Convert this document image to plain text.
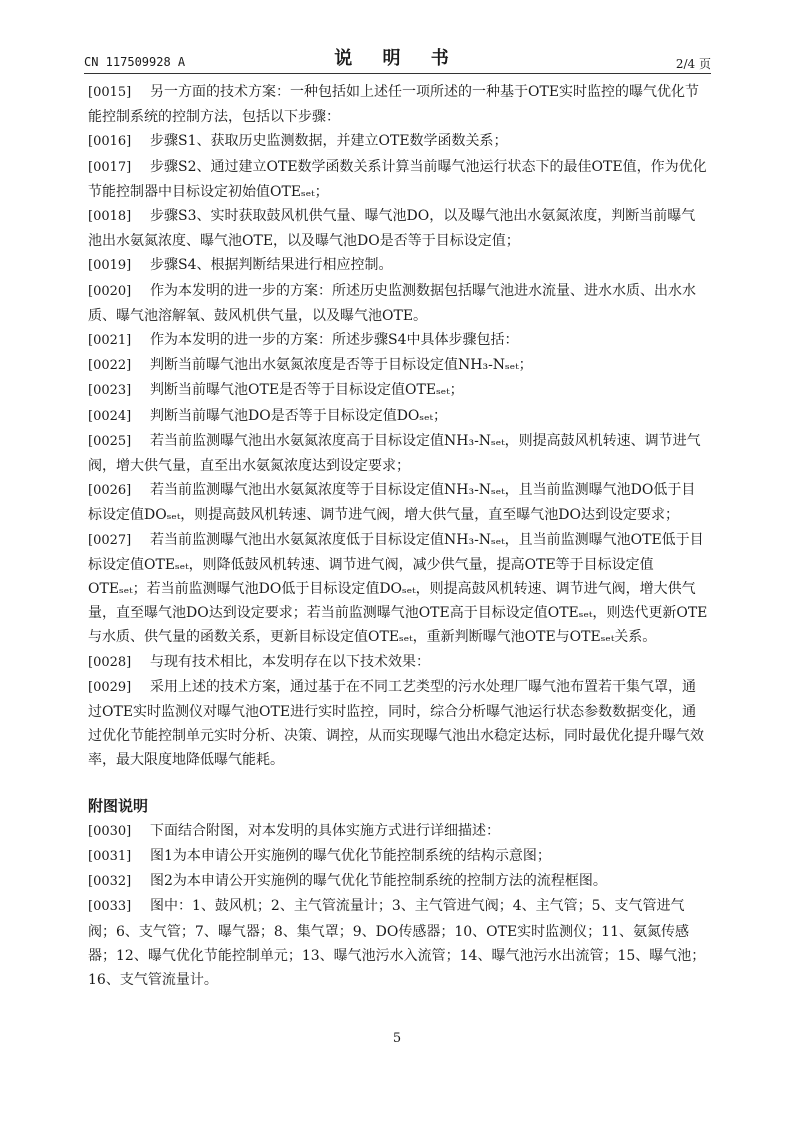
CN 117509928 A	说 明 书	2/4 页
[0015] 另一方面的技术方案：一种包括如上述任一项所述的一种基于OTE实时监控的曝气优化节能控制系统的控制方法，包括以下步骤：
[0016] 步骤S1、获取历史监测数据，并建立OTE数学函数关系；
[0017] 步骤S2、通过建立OTE数学函数关系计算当前曝气池运行状态下的最佳OTE值，作为优化节能控制器中目标设定初始值OTEₛₑₜ；
[0018] 步骤S3、实时获取鼓风机供气量、曝气池DO，以及曝气池出水氨氮浓度，判断当前曝气池出水氨氮浓度、曝气池OTE，以及曝气池DO是否等于目标设定值；
[0019] 步骤S4、根据判断结果进行相应控制。
[0020] 作为本发明的进一步的方案：所述历史监测数据包括曝气池进水流量、进水水质、出水水质、曝气池溶解氧、鼓风机供气量，以及曝气池OTE。
[0021] 作为本发明的进一步的方案：所述步骤S4中具体步骤包括：
[0022] 判断当前曝气池出水氨氮浓度是否等于目标设定值NH₃-Nₛₑₜ；
[0023] 判断当前曝气池OTE是否等于目标设定值OTEₛₑₜ；
[0024] 判断当前曝气池DO是否等于目标设定值DOₛₑₜ；
[0025] 若当前监测曝气池出水氨氮浓度高于目标设定值NH₃-Nₛₑₜ，则提高鼓风机转速、调节进气阀，增大供气量，直至出水氨氮浓度达到设定要求；
[0026] 若当前监测曝气池出水氨氮浓度等于目标设定值NH₃-Nₛₑₜ，且当前监测曝气池DO低于目标设定值DOₛₑₜ，则提高鼓风机转速、调节进气阀，增大供气量，直至曝气池DO达到设定要求；
[0027] 若当前监测曝气池出水氨氮浓度低于目标设定值NH₃-Nₛₑₜ，且当前监测曝气池OTE低于目标设定值OTEₛₑₜ，则降低鼓风机转速、调节进气阀，减少供气量，提高OTE等于目标设定值OTEₛₑₜ；若当前监测曝气池DO低于目标设定值DOₛₑₜ，则提高鼓风机转速、调节进气阀，增大供气量，直至曝气池DO达到设定要求；若当前监测曝气池OTE高于目标设定值OTEₛₑₜ，则迭代更新OTE与水质、供气量的函数关系，更新目标设定值OTEₛₑₜ，重新判断曝气池OTE与OTEₛₑₜ关系。
[0028] 与现有技术相比，本发明存在以下技术效果：
[0029] 采用上述的技术方案，通过基于在不同工艺类型的污水处理厂曝气池布置若干集气罩，通过OTE实时监测仪对曝气池OTE进行实时监控，同时，综合分析曝气池运行状态参数数据变化，通过优化节能控制单元实时分析、决策、调控，从而实现曝气池出水稳定达标，同时最优化提升曝气效率，最大限度地降低曝气能耗。
附图说明
[0030] 下面结合附图，对本发明的具体实施方式进行详细描述：
[0031] 图1为本申请公开实施例的曝气优化节能控制系统的结构示意图；
[0032] 图2为本申请公开实施例的曝气优化节能控制系统的控制方法的流程框图。
[0033] 图中：1、鼓风机；2、主气管流量计；3、主气管进气阀；4、主气管；5、支气管进气阀；6、支气管；7、曝气器；8、集气罩；9、DO传感器；10、OTE实时监测仪；11、氨氮传感器；12、曝气优化节能控制单元；13、曝气池污水入流管；14、曝气池污水出流管；15、曝气池；16、支气管流量计。
5
